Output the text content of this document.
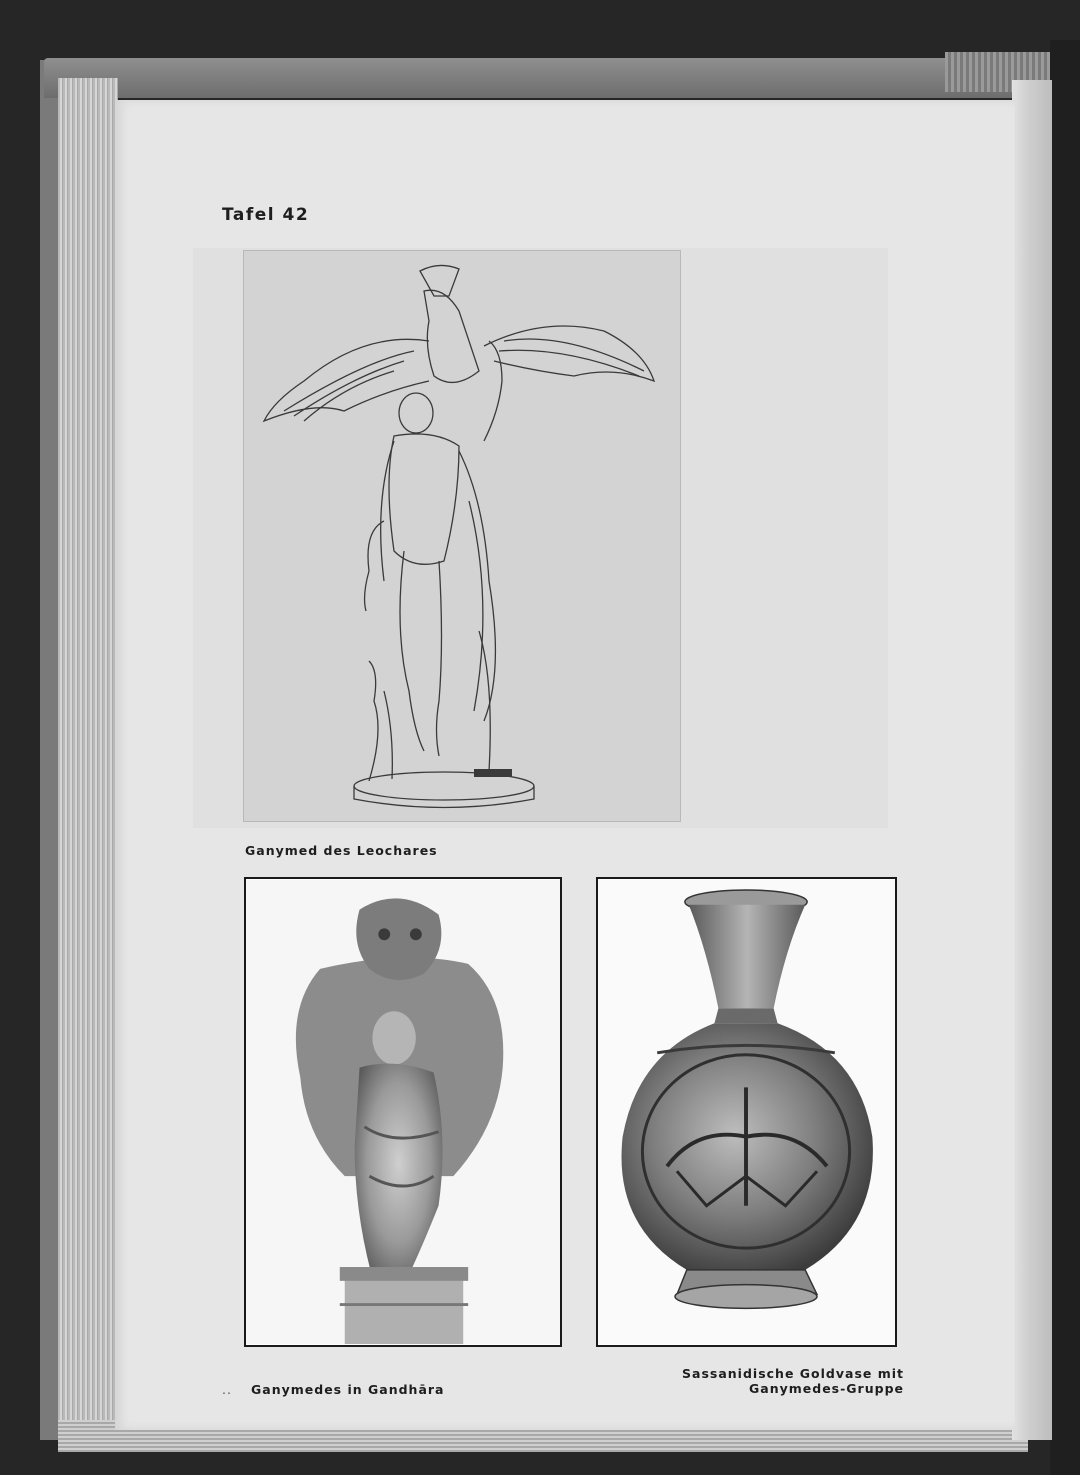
Tafel 42
Ganymed des Leochares
.. Ganymedes in Gandhāra
Sassanidische Goldvase mit
Ganymedes-Gruppe
